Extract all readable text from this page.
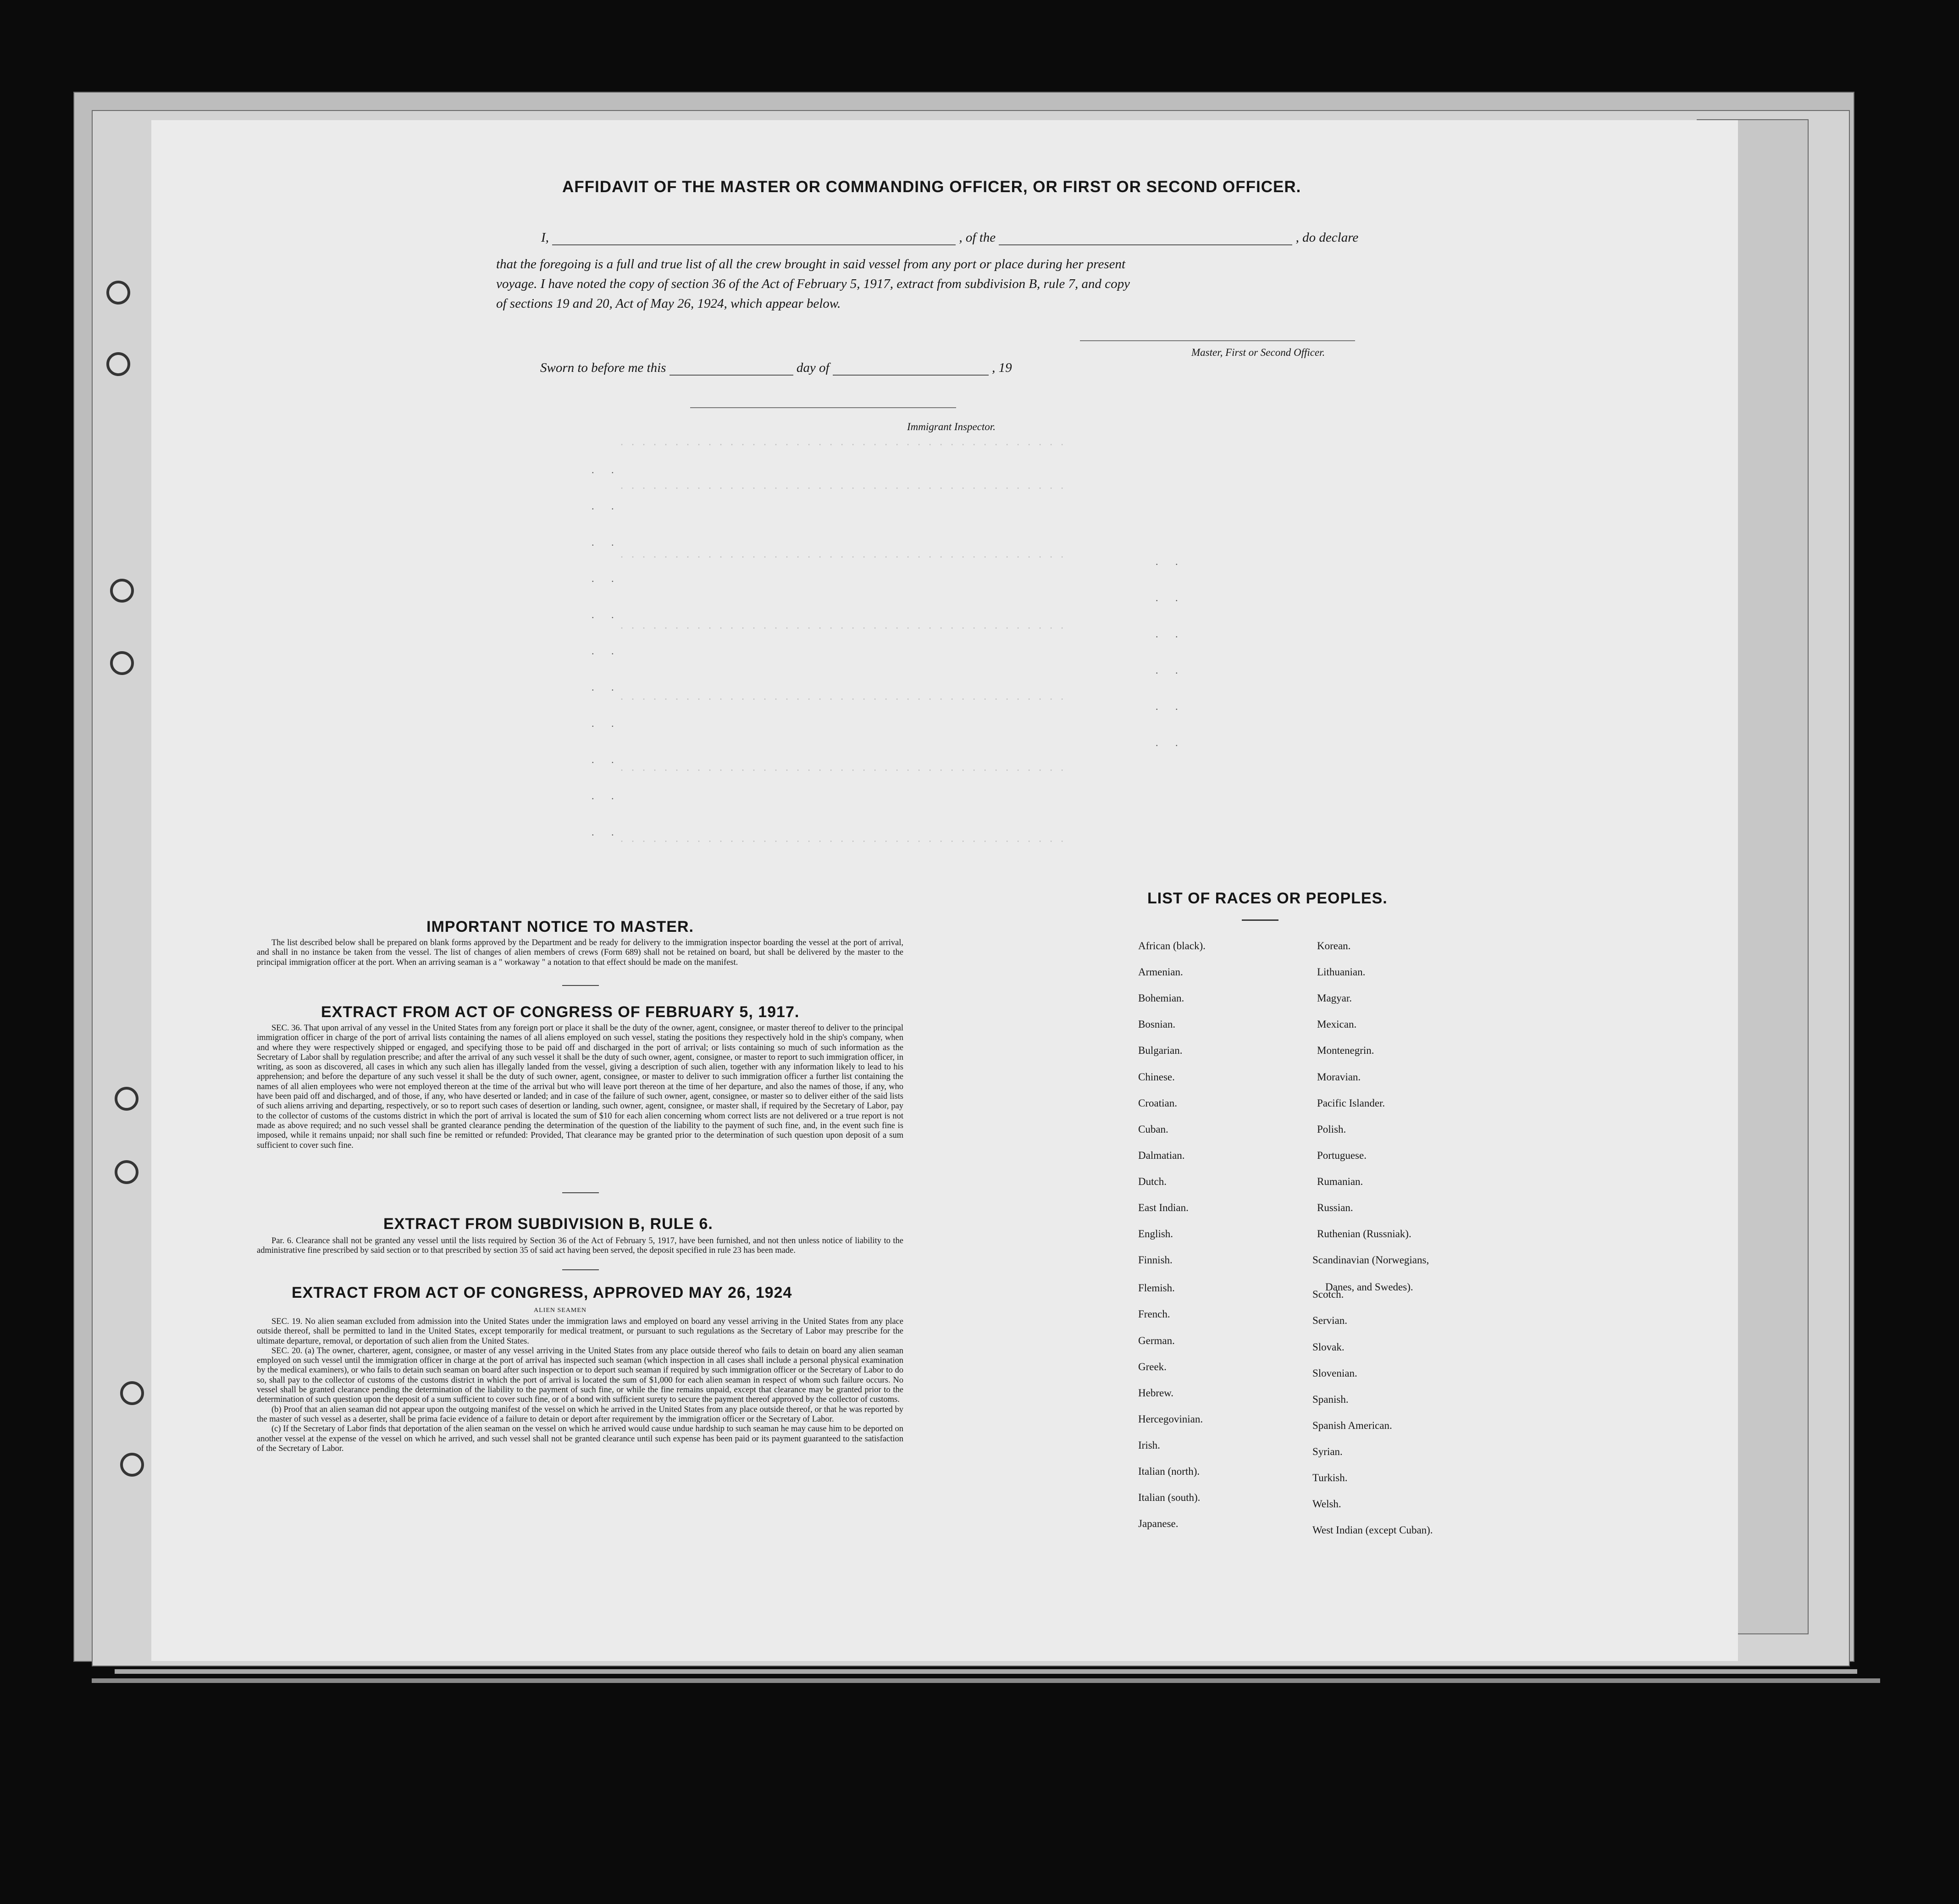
. . . . . . . . . . . . . . . . . . . . . . . . . . . . . . . . . . . . . . . . .
. . . . . . . . . . . . . . . . . . . . . . . . . . . . . . . . . . . . . . . . .
. . . . . . . . . . . . . . . . . . . . . . . . . . . . . . . . . . . . . . . . .
. . . . . . . . . . . . . . . . . . . . . . . . . . . . . . . . . . . . . . . . .
. . . . . . . . . . . . . . . . . . . . . . . . . . . . . . . . . . . . . . . . .
. . . . . . . . . . . . . . . . . . . . . . . . . . . . . . . . . . . . . . . . .
. . . . . . . . . . . . . . . . . . . . . . . . . . . . . . . . . . . . . . . . .
. .
. .
. .
. .
. .
. .
. .
. .
. .
. .
. .
. .
. .
. .
. .
. .
. .
AFFIDAVIT OF THE MASTER OR COMMANDING OFFICER, OR FIRST OR SECOND OFFICER.
I,	, of the	, do declare
that the foregoing is a full and true list of all the crew brought in said vessel from any port or place during her present
voyage. I have noted the copy of section 36 of the Act of February 5, 1917, extract from subdivision B, rule 7, and copy
of sections 19 and 20, Act of May 26, 1924, which appear below.
Master, First or Second Officer.
Sworn to before me this	day of	, 19
Immigrant Inspector.
IMPORTANT NOTICE TO MASTER.
The list described below shall be prepared on blank forms approved by the Department and be ready for delivery to the immigration inspector boarding the vessel at the port of arrival, and shall in no instance be taken from the vessel. The list of changes of alien members of crews (Form 689) shall not be retained on board, but shall be delivered by the master to the principal immigration officer at the port. When an arriving seaman is a " workaway " a notation to that effect should be made on the manifest.
EXTRACT FROM ACT OF CONGRESS OF FEBRUARY 5, 1917.
SEC. 36. That upon arrival of any vessel in the United States from any foreign port or place it shall be the duty of the owner, agent, consignee, or master thereof to deliver to the principal immigration officer in charge of the port of arrival lists containing the names of all aliens employed on such vessel, stating the positions they respectively hold in the ship's company, when and where they were respectively shipped or engaged, and specifying those to be paid off and discharged in the port of arrival; or lists containing so much of such information as the Secretary of Labor shall by regulation prescribe; and after the arrival of any such vessel it shall be the duty of such owner, agent, consignee, or master to report to such immigration officer, in writing, as soon as discovered, all cases in which any such alien has illegally landed from the vessel, giving a description of such alien, together with any information likely to lead to his apprehension; and before the departure of any such vessel it shall be the duty of such owner, agent, consignee, or master to deliver to such immigration officer a further list containing the names of all alien employees who were not employed thereon at the time of the arrival but who will leave port thereon at the time of her departure, and also the names of those, if any, who have been paid off and discharged, and of those, if any, who have deserted or landed; and in case of the failure of such owner, agent, consignee, or master so to deliver either of the said lists of such aliens arriving and departing, respectively, or so to report such cases of desertion or landing, such owner, agent, consignee, or master shall, if required by the Secretary of Labor, pay to the collector of customs of the customs district in which the port of arrival is located the sum of $10 for each alien concerning whom correct lists are not delivered or a true report is not made as above required; and no such vessel shall be granted clearance pending the determination of the question of the liability to the payment of such fine, and, in the event such fine is imposed, while it remains unpaid; nor shall such fine be remitted or refunded: Provided, That clearance may be granted prior to the determination of such question upon deposit of a sum sufficient to cover such fine.
EXTRACT FROM SUBDIVISION B, RULE 6.
Par. 6. Clearance shall not be granted any vessel until the lists required by Section 36 of the Act of February 5, 1917, have been furnished, and not then unless notice of liability to the administrative fine prescribed by said section or to that prescribed by section 35 of said act having been served, the deposit specified in rule 23 has been made.
EXTRACT FROM ACT OF CONGRESS, APPROVED MAY 26, 1924
ALIEN SEAMEN

SEC. 19. No alien seaman excluded from admission into the United States under the immigration laws and employed on board any vessel arriving in the United States from any place outside thereof, shall be permitted to land in the United States, except temporarily for medical treatment, or pursuant to such regulations as the Secretary of Labor may prescribe for the ultimate departure, removal, or deportation of such alien from the United States.

SEC. 20. (a) The owner, charterer, agent, consignee, or master of any vessel arriving in the United States from any place outside thereof who fails to detain on board any alien seaman employed on such vessel until the immigration officer in charge at the port of arrival has inspected such seaman (which inspection in all cases shall include a personal physical examination by the medical examiners), or who fails to detain such seaman on board after such inspection or to deport such seaman if required by such immigration officer or the Secretary of Labor to do so, shall pay to the collector of customs of the customs district in which the port of arrival is located the sum of $1,000 for each alien seaman in respect of whom such failure occurs. No vessel shall be granted clearance pending the determination of the liability to the payment of such fine, or while the fine remains unpaid, except that clearance may be granted prior to the determination of such question upon the deposit of a sum sufficient to cover such fine, or of a bond with sufficient surety to secure the payment thereof approved by the collector of customs.

(b) Proof that an alien seaman did not appear upon the outgoing manifest of the vessel on which he arrived in the United States from any place outside thereof, or that he was reported by the master of such vessel as a deserter, shall be prima facie evidence of a failure to detain or deport after requirement by the immigration officer or the Secretary of Labor.

(c) If the Secretary of Labor finds that deportation of the alien seaman on the vessel on which he arrived would cause undue hardship to such seaman he may cause him to be deported on another vessel at the expense of the vessel on which he arrived, and such vessel shall not be granted clearance until such expense has been paid or its payment guaranteed to the satisfaction of the Secretary of Labor.

LIST OF RACES OR PEOPLES.
African (black).
Armenian.
Bohemian.
Bosnian.
Bulgarian.
Chinese.
Croatian.
Cuban.
Dalmatian.
Dutch.
East Indian.
English.
Finnish.
Flemish.
French.
German.
Greek.
Hebrew.
Hercegovinian.
Irish.
Italian (north).
Italian (south).
Japanese.
Korean.
Lithuanian.
Magyar.
Mexican.
Montenegrin.
Moravian.
Pacific Islander.
Polish.
Portuguese.
Rumanian.
Russian.
Ruthenian (Russniak).
Scandinavian (Norwegians,
Scotch.
Servian.
Slovak.
Slovenian.
Spanish.
Spanish American.
Syrian.
Turkish.
Welsh.
West Indian (except Cuban).
Danes, and Swedes).
